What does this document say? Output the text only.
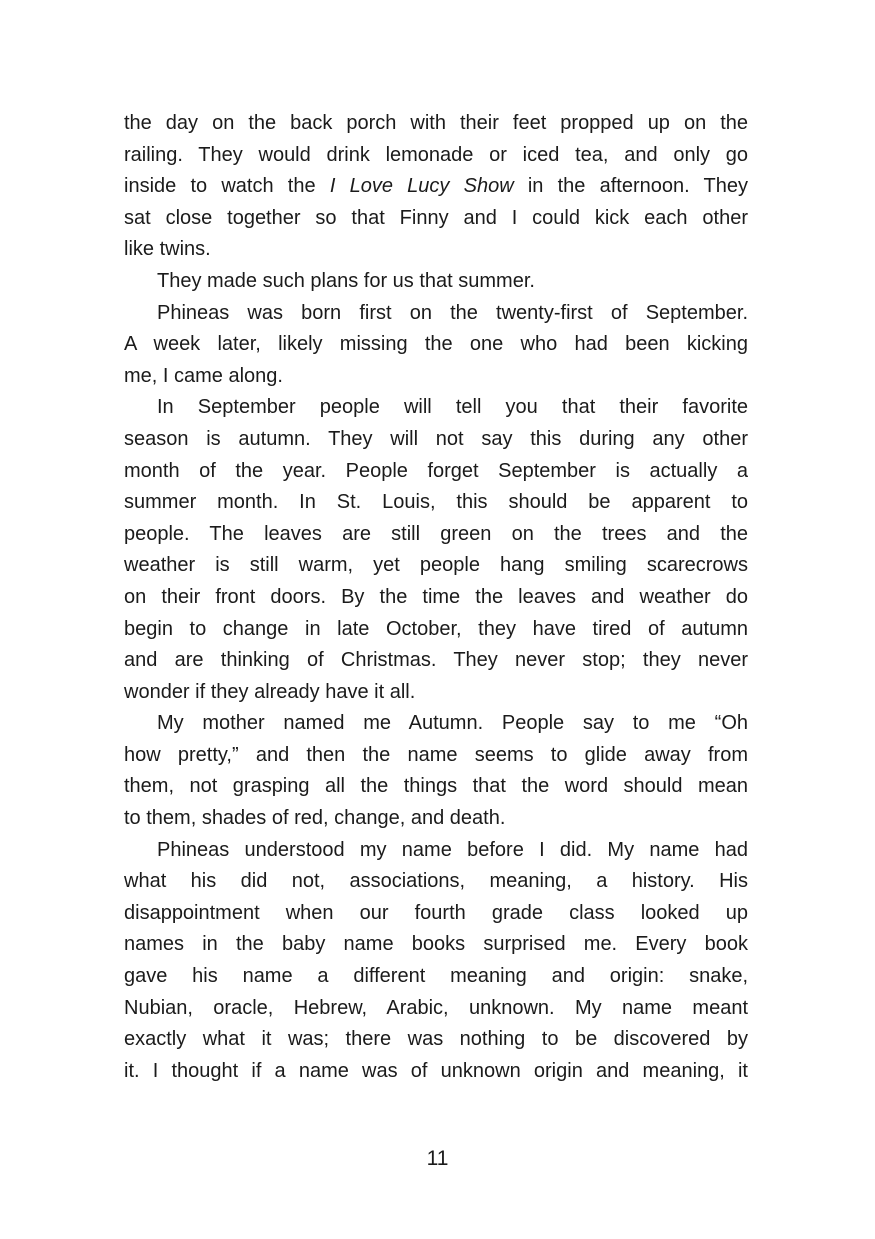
the day on the back porch with their feet propped up on the
railing. They would drink lemonade or iced tea, and only go
inside to watch the I Love Lucy Show in the afternoon. They
sat close together so that Finny and I could kick each other
like twins.
They made such plans for us that summer.
Phineas was born first on the twenty-first of September.
A week later, likely missing the one who had been kicking
me, I came along.
In September people will tell you that their favorite
season is autumn. They will not say this during any other
month of the year. People forget September is actually a
summer month. In St. Louis, this should be apparent to
people. The leaves are still green on the trees and the
weather is still warm, yet people hang smiling scarecrows
on their front doors. By the time the leaves and weather do
begin to change in late October, they have tired of autumn
and are thinking of Christmas. They never stop; they never
wonder if they already have it all.
My mother named me Autumn. People say to me “Oh
how pretty,” and then the name seems to glide away from
them, not grasping all the things that the word should mean
to them, shades of red, change, and death.
Phineas understood my name before I did. My name had
what his did not, associations, meaning, a history. His
disappointment when our fourth grade class looked up
names in the baby name books surprised me. Every book
gave his name a different meaning and origin: snake,
Nubian, oracle, Hebrew, Arabic, unknown. My name meant
exactly what it was; there was nothing to be discovered by
it. I thought if a name was of unknown origin and meaning, it
11
